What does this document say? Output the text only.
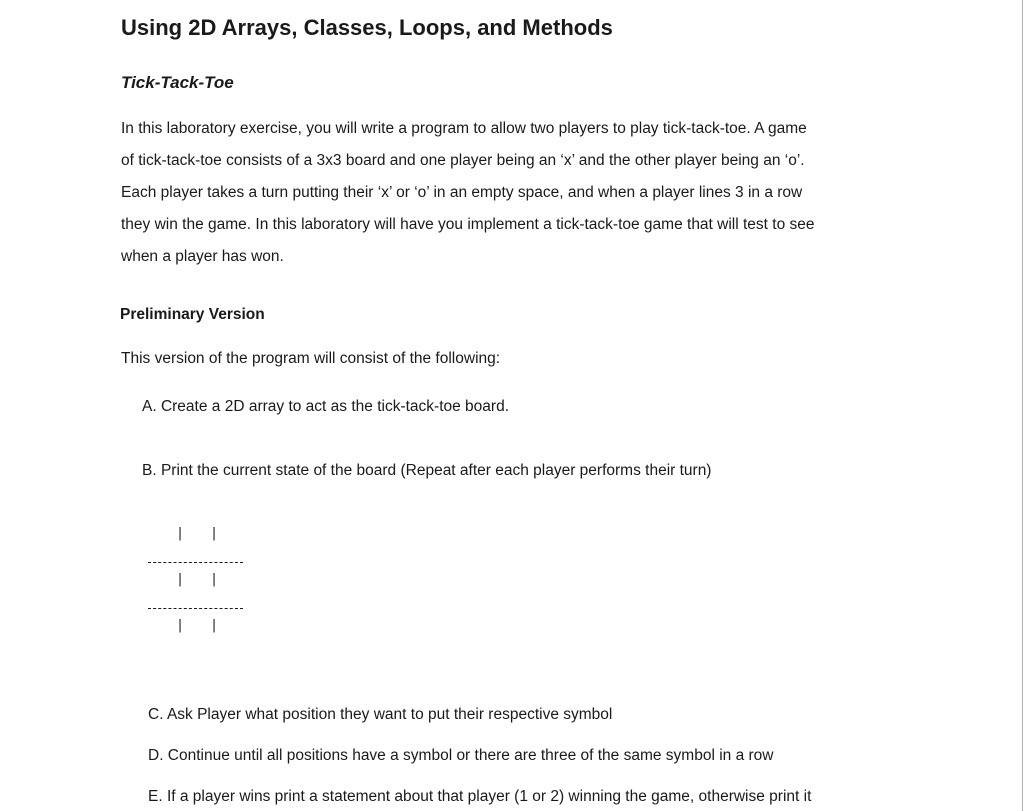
Using 2D Arrays, Classes, Loops, and Methods
Tick-Tack-Toe
In this laboratory exercise, you will write a program to allow two players to play tick-tack-toe. A game
of tick-tack-toe consists of a 3x3 board and one player being an ‘x’ and the other player being an ‘o’.
Each player takes a turn putting their ‘x’ or ‘o’ in an empty space, and when a player lines 3 in a row
they win the game. In this laboratory will have you implement a tick-tack-toe game that will test to see
when a player has won.
Preliminary Version

This version of the program will consist of the following:

A. Create a 2D array to act as the tick-tack-toe board.

B. Print the current state of the board (Repeat after each player performs their turn)

| |
| |
| |

C. Ask Player what position they want to put their respective symbol

D. Continue until all positions have a symbol or there are three of the same symbol in a row

E. If a player wins print a statement about that player (1 or 2) winning the game, otherwise print it
